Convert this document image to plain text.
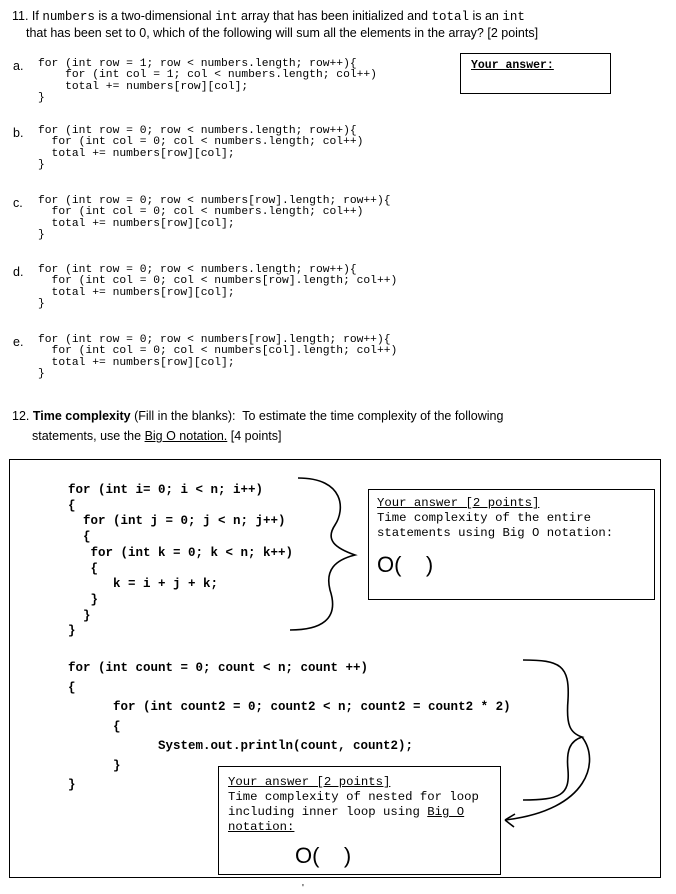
11. If numbers is a two-dimensional int array that has been initialized and total is an int
that has been set to 0, which of the following will sum all the elements in the array? [2 points]
Your answer:
a. for (int row = 1; row < numbers.length; row++){
for (int col = 1; col < numbers.length; col++)
total += numbers[row][col];
}
b. for (int row = 0; row < numbers.length; row++){
for (int col = 0; col < numbers.length; col++)
total += numbers[row][col];
}
c. for (int row = 0; row < numbers[row].length; row++){
for (int col = 0; col < numbers.length; col++)
total += numbers[row][col];
}
d. for (int row = 0; row < numbers.length; row++){
for (int col = 0; col < numbers[row].length; col++)
total += numbers[row][col];
}
e. for (int row = 0; row < numbers[row].length; row++){
for (int col = 0; col < numbers[col].length; col++)
total += numbers[row][col];
}
12. Time complexity (Fill in the blanks):  To estimate the time complexity of the following
statements, use the Big O notation. [4 points]
for (int i= 0; i < n; i++)
{
for (int j = 0; j < n; j++)
{
for (int k = 0; k < n; k++)
{
k = i + j + k;
}
}
}
for (int count = 0; count < n; count ++)
{
for (int count2 = 0; count2 < n; count2 = count2 * 2)
{
System.out.println(count, count2);
}
}
Your answer [2 points]
Time complexity of the entire
statements using Big O notation:
O(    )
Your answer [2 points]
Time complexity of nested for loop
including inner loop using Big O
notation:
O(    )
'
